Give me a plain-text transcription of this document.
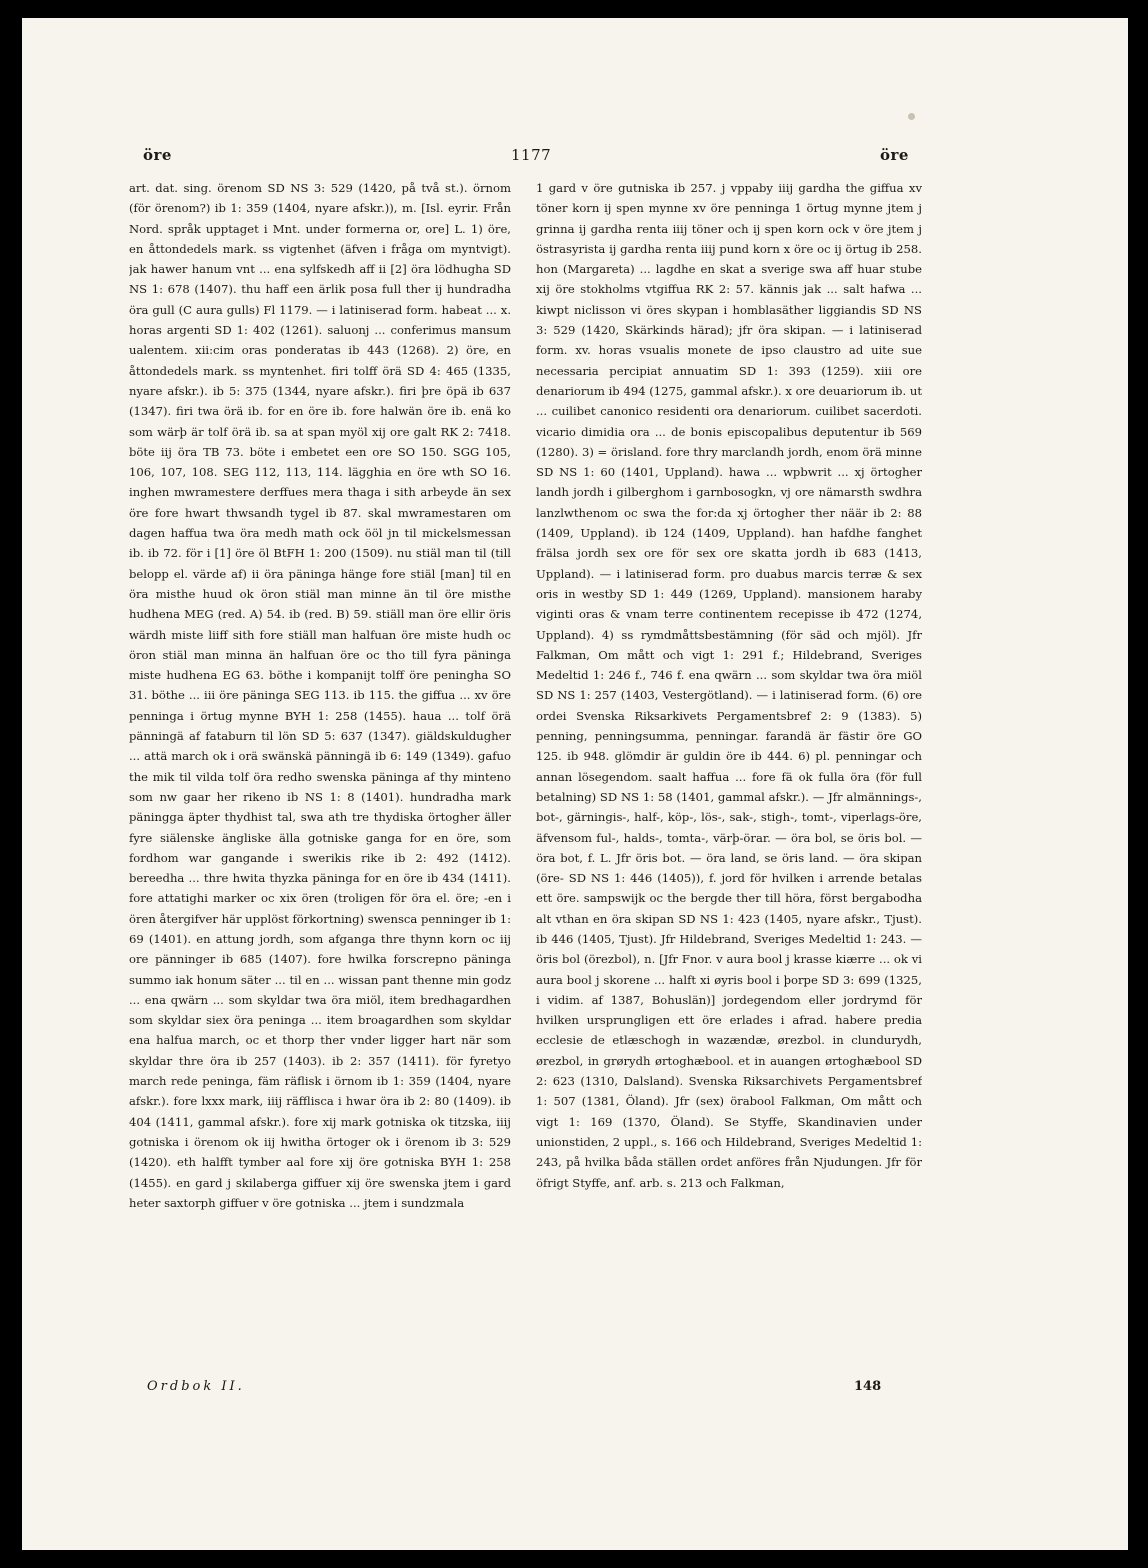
öre	1177	öre

art. dat. sing. örenom SD NS 3: 529 (1420, på två st.). örnom (för örenom?) ib 1: 359 (1404, nyare afskr.)), m. [Isl. eyrir. Från Nord. språk upptaget i Mnt. under formerna or, ore] L. 1) öre, en åttondedels mark. ss vigtenhet (äfven i fråga om myntvigt). jak hawer hanum vnt ... ena sylfskedh aff ii [2] öra lödhugha SD NS 1: 678 (1407). thu haff een ärlik posa full ther ij hundradha öra gull (C aura gulls) Fl 1179. — i latiniserad form. habeat ... x. horas argenti SD 1: 402 (1261). saluonj ... conferimus mansum ualentem. xii:cim oras ponderatas ib 443 (1268). 2) öre, en åttondedels mark. ss myntenhet. firi tolff örä SD 4: 465 (1335, nyare afskr.). ib 5: 375 (1344, nyare afskr.). firi þre öрä ib 637 (1347). firi twa örä ib. for en öre ib. fore halwän öre ib. enä ko som wärþ är tolf örä ib. sa at span myöl xij ore galt RK 2: 7418. böte iij öra TB 73. böte i embetet een ore SO 150. SGG 105, 106, 107, 108. SEG 112, 113, 114. lägghia en öre wth SO 16. inghen mwramestere derffues mera thaga i sith arbeyde än sex öre fore hwart thwsandh tygel ib 87. skal mwramestaren om dagen haffua twa öra medh math ock ööl jn til mickelsmessan ib. ib 72. för i [1] öre öl BtFH 1: 200 (1509). nu stiäl man til (till belopp el. värde af) ii öra päninga hänge fore stiäl [man] til en öra misthe huud ok öron stiäl man minne än til öre misthe hudhena MEG (red. A) 54. ib (red. B) 59. stiäll man öre ellir öris wärdh miste liiff sith fore stiäll man halfuan öre miste hudh oc öron stiäl man minna än halfuan öre oc tho till fyra päninga miste hudhena EG 63. böthe i kompanijt tolff öre peningha SO 31. böthe ... iii öre päninga SEG 113. ib 115. the giffua ... xv öre penninga i örtug mynne BYH 1: 258 (1455). haua ... tolf örä pänningä af fataburn til lön SD 5: 637 (1347). giäldskuldugher ... attä march ok i orä swänskä pänningä ib 6: 149 (1349). gafuo the mik til vilda tolf öra redho swenska päninga af thy minteno som nw gaar her rikeno ib NS 1: 8 (1401). hundradha mark päningga äpter thydhist tal, swa ath tre thydiska örtogher äller fyre siälenske ängliske älla gotniske ganga for en öre, som fordhom war gangande i swerikis rike ib 2: 492 (1412). bereedha ... thre hwita thyzka päninga for en öre ib 434 (1411). fore attatighi marker oc xix ören (troligen för öra el. öre; -en i ören återgifver här upplöst förkortning) swensca penninger ib 1: 69 (1401). en attung jordh, som afganga thre thynn korn oc iij ore pänninger ib 685 (1407). fore hwilka forscrepno päninga summo iak honum säter ... til en ... wissan pant thenne min godz ... ena qwärn ... som skyldar twa öra miöl, item bredhagardhen som skyldar siex öra peninga ... item broagardhen som skyldar ena halfua march, oc et thorp ther vnder ligger hart när som skyldar thre öra ib 257 (1403). ib 2: 357 (1411). för fyretyo march rede peninga, fäm räflisk i örnom ib 1: 359 (1404, nyare afskr.). fore lxxx mark, iiij räfflisca i hwar öra ib 2: 80 (1409). ib 404 (1411, gammal afskr.). fore xij mark gotniska ok titzska, iiij gotniska i örenom ok iij hwitha örtoger ok i örenom ib 3: 529 (1420). eth halfft tymber aal fore xij öre gotniska BYH 1: 258 (1455). en gard j skilaberga giffuer xij öre swenska jtem i gard heter saxtorph giffuer v öre gotniska ... jtem i sundzmala

1 gard v öre gutniska ib 257. j vppaby iiij gardha the giffua xv töner korn ij spen mynne xv öre penninga 1 örtug mynne jtem j grinna ij gardha renta iiij töner och ij spen korn ock v öre jtem j östrasyrista ij gardha renta iiij pund korn x öre oc ij örtug ib 258. hon (Margareta) ... lagdhe en skat a sverige swa aff huar stube xij öre stokholms vtgiffua RK 2: 57. kännis jak ... salt hafwa ... kiwpt niclisson vi öres skypan i homblasäther liggiandis SD NS 3: 529 (1420, Skärkinds härad); jfr öra skipan. — i latiniserad form. xv. horas vsualis monete de ipso claustro ad uite sue necessaria percipiat annuatim SD 1: 393 (1259). xiii ore denariorum ib 494 (1275, gammal afskr.). x ore deuariorum ib. ut ... cuilibet canonico residenti ora denariorum. cuilibet sacerdoti. vicario dimidia ora ... de bonis episcopalibus deputentur ib 569 (1280). 3) = örisland. fore thry marclandh jordh, enom örä minne SD NS 1: 60 (1401, Uppland). hawa ... wpbwrit ... xj örtogher landh jordh i gilberghom i garnbosogkn, vj ore nämarsth swdhra lanzlwthenom oc swa the for:da xj örtogher ther näär ib 2: 88 (1409, Uppland). ib 124 (1409, Uppland). han hafdhe fanghet frälsa jordh sex ore för sex ore skatta jordh ib 683 (1413, Uppland). — i latiniserad form. pro duabus marcis terræ & sex oris in westby SD 1: 449 (1269, Uppland). mansionem haraby viginti oras & vnam terre continentem recepisse ib 472 (1274, Uppland). 4) ss rymdmåttsbestämning (för säd och mjöl). Jfr Falkman, Om mått och vigt 1: 291 f.; Hildebrand, Sveriges Medeltid 1: 246 f., 746 f. ena qwärn ... som skyldar twa öra miöl SD NS 1: 257 (1403, Vestergötland). — i latiniserad form. (6) ore ordei Svenska Riksarkivets Pergamentsbref 2: 9 (1383). 5) penning, penningsumma, penningar. farandä är fästir öre GO 125. ib 948. glömdir är guldin öre ib 444. 6) pl. penningar och annan lösegendom. saalt haffua ... fore fä ok fulla öra (för full betalning) SD NS 1: 58 (1401, gammal afskr.). — Jfr almännings-, bot-, gärningis-, half-, köp-, lös-, sak-, stigh-, tomt-, viperlags-öre, äfvensom ful-, halds-, tomta-, värþ-örar. — öra bol, se öris bol. — öra bot, f. L. Jfr öris bot. — öra land, se öris land. — öra skipan (öre- SD NS 1: 446 (1405)), f. jord för hvilken i arrende betalas ett öre. sampswijk oc the bergde ther till höra, först bergabodha alt vthan en öra skipan SD NS 1: 423 (1405, nyare afskr., Tjust). ib 446 (1405, Tjust). Jfr Hildebrand, Sveriges Medeltid 1: 243. — öris bol (örezbol), n. [Jfr Fnor. v aura bool j krasse kiærre ... ok vi aura bool j skorene ... halft xi øyris bool i þorpe SD 3: 699 (1325, i vidim. af 1387, Bohuslän)] jordegendom eller jordrymd för hvilken ursprungligen ett öre erlades i afrad. habere predia ecclesie de etlæschogh in wazændæ, ørezbol. in clundurydh, ørezbol, in grørydh ørtoghæbool. et in auangen ørtoghæbool SD 2: 623 (1310, Dalsland). Svenska Riksarchivets Pergamentsbref 1: 507 (1381, Öland). Jfr (sex) örabool Falkman, Om mått och vigt 1: 169 (1370, Öland). Se Styffe, Skandinavien under unionstiden, 2 uppl., s. 166 och Hildebrand, Sveriges Medeltid 1: 243, på hvilka båda ställen ordet anföres från Njudungen. Jfr för öfrigt Styffe, anf. arb. s. 213 och Falkman,

Ordbok II.	148
